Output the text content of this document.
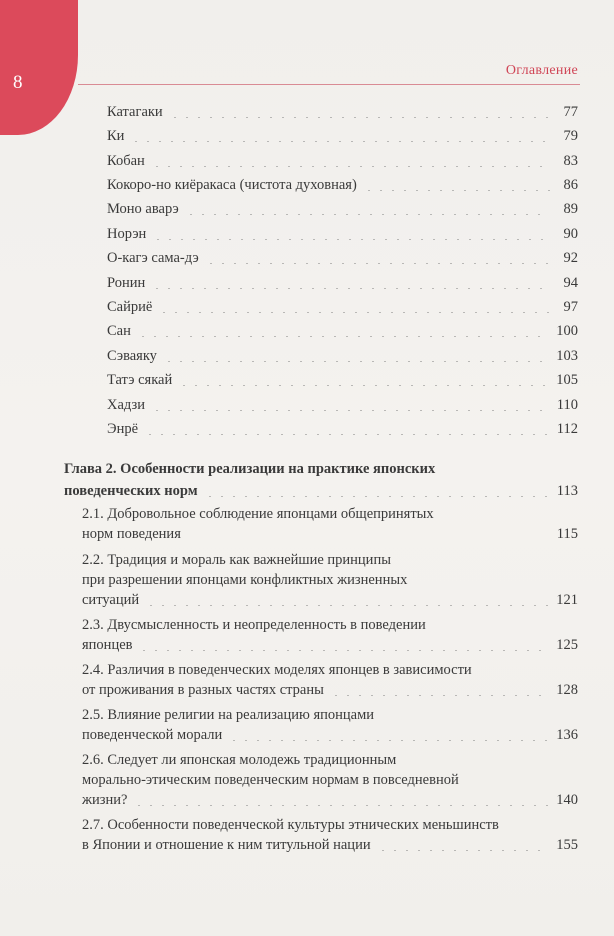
8
Оглавление
Катагаки	77
Ки	79
Кобан	83
Кокоро-но киёракаса (чистота духовная)	86
Моно аварэ	89
Норэн	90
О-кагэ сама-дэ	92
Ронин	94
Сайриё	97
Сан	100
Сэваяку	103
Татэ сякай	105
Хадзи	110
Энрё	112
Глава 2. Особенности реализации на практике японских
поведенческих норм	113
2.1. Добровольное соблюдение японцами общепринятых
норм поведения	115
2.2. Традиция и мораль как важнейшие принципы
при разрешении японцами конфликтных жизненных
ситуаций	121
2.3. Двусмысленность и неопределенность в поведении
японцев	125
2.4. Различия в поведенческих моделях японцев в зависимости
от проживания в разных частях страны	128
2.5. Влияние религии на реализацию японцами
поведенческой морали	136
2.6. Следует ли японская молодежь традиционным
морально-этическим поведенческим нормам в повседневной
жизни?	140
2.7. Особенности поведенческой культуры этнических меньшинств
в Японии и отношение к ним титульной нации	155
